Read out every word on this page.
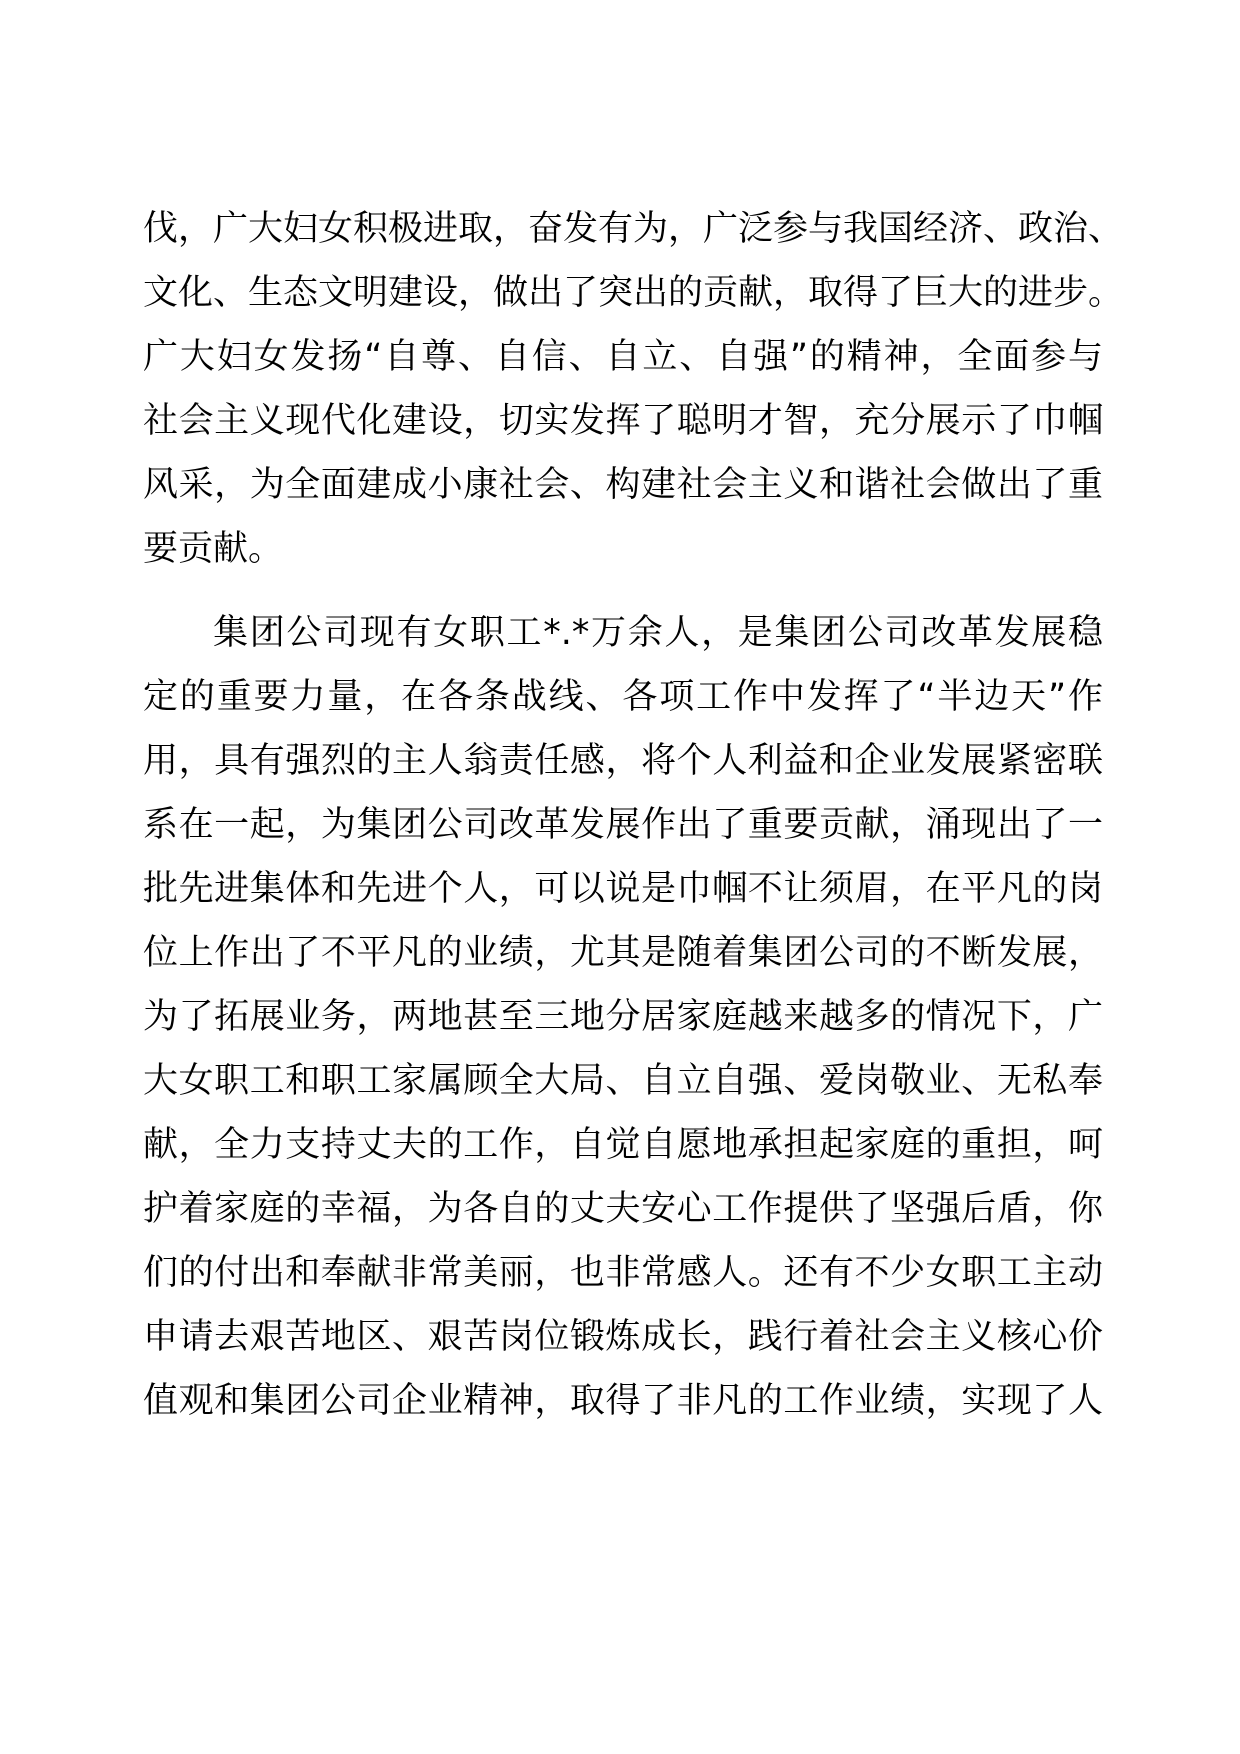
伐，广大妇女积极进取，奋发有为，广泛参与我国经济、政治、
文化、生态文明建设，做出了突出的贡献，取得了巨大的进步。
广大妇女发扬“自尊、自信、自立、自强”的精神，全面参与
社会主义现代化建设，切实发挥了聪明才智，充分展示了巾帼
风采，为全面建成小康社会、构建社会主义和谐社会做出了重
要贡献。
集团公司现有女职工*.*万余人，是集团公司改革发展稳
定的重要力量，在各条战线、各项工作中发挥了“半边天”作
用，具有强烈的主人翁责任感，将个人利益和企业发展紧密联
系在一起，为集团公司改革发展作出了重要贡献，涌现出了一
批先进集体和先进个人，可以说是巾帼不让须眉，在平凡的岗
位上作出了不平凡的业绩，尤其是随着集团公司的不断发展，
为了拓展业务，两地甚至三地分居家庭越来越多的情况下，广
大女职工和职工家属顾全大局、自立自强、爱岗敬业、无私奉
献，全力支持丈夫的工作，自觉自愿地承担起家庭的重担，呵
护着家庭的幸福，为各自的丈夫安心工作提供了坚强后盾，你
们的付出和奉献非常美丽，也非常感人。还有不少女职工主动
申请去艰苦地区、艰苦岗位锻炼成长，践行着社会主义核心价
值观和集团公司企业精神，取得了非凡的工作业绩，实现了人
